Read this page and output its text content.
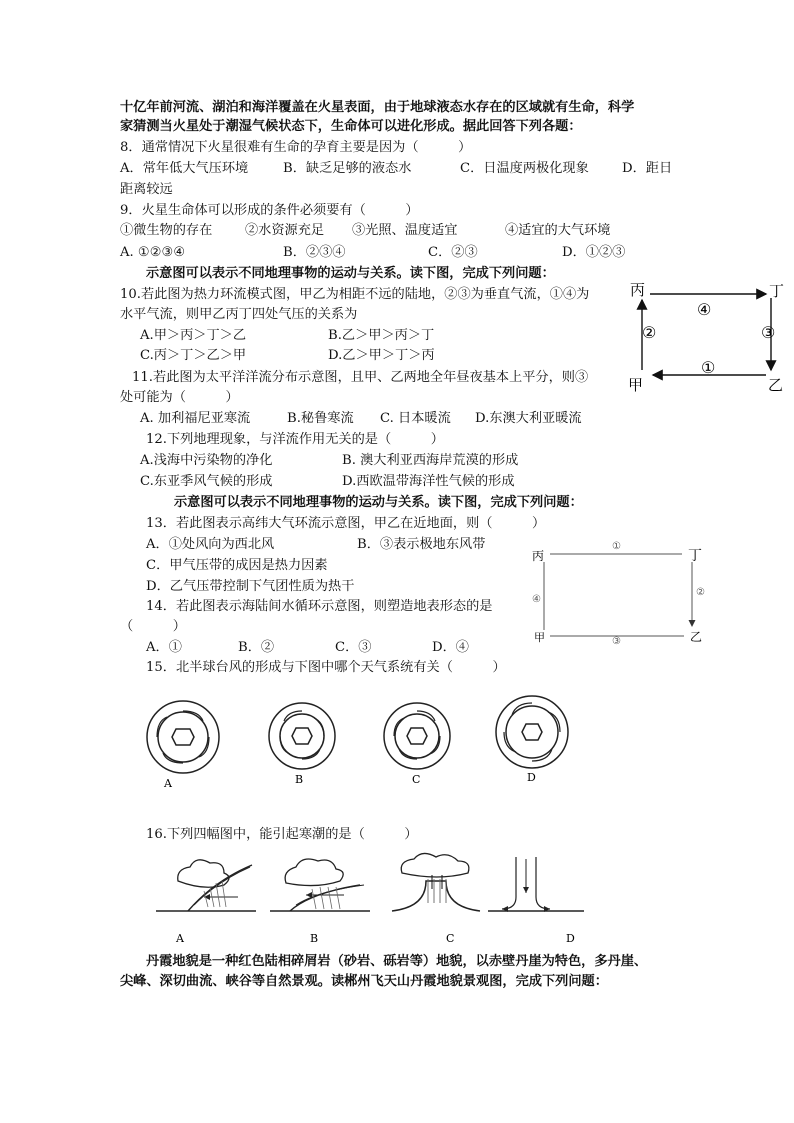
十亿年前河流、湖泊和海洋覆盖在火星表面，由于地球液态水存在的区域就有生命，科学
家猜测当火星处于潮湿气候状态下，生命体可以进化形成。据此回答下列各题：
8．通常情况下火星很难有生命的孕育主要是因为（　　　）
A．常年低大气压环境	B．缺乏足够的液态水	C．日温度两极化现象	D．距日
距离较远
9．火星生命体可以形成的条件必须要有（　　　）
①微生物的存在 ②水资源充足 ③光照、温度适宜	④适宜的大气环境
A. ①②③④	B．②③④	C．②③	D．①②③
示意图可以表示不同地理事物的运动与关系。读下图，完成下列问题：
10.若此图为热力环流模式图，甲乙为相距不远的陆地，②③为垂直气流，①④为
水平气流，则甲乙丙丁四处气压的关系为
A.甲＞丙＞丁＞乙	B.乙＞甲＞丙＞丁
C.丙＞丁＞乙＞甲	D.乙＞甲＞丁＞丙
11.若此图为太平洋洋流分布示意图，且甲、乙两地全年昼夜基本上平分，则③
处可能为（　　　）
A. 加利福尼亚寒流	B.秘鲁寒流 C. 日本暖流 D.东澳大利亚暖流
12.下列地理现象，与洋流作用无关的是（　　　）
A.浅海中污染物的净化	B. 澳大利亚西海岸荒漠的形成
C.东亚季风气候的形成	D.西欧温带海洋性气候的形成
丙	丁
甲	乙
④
③
②
①
示意图可以表示不同地理事物的运动与关系。读下图，完成下列问题：
13．若此图表示高纬大气环流示意图，甲乙在近地面，则（　　　）
A．①处风向为西北风	B．③表示极地东风带
C．甲气压带的成因是热力因素
D．乙气压带控制下气团性质为热干
14．若此图表示海陆间水循环示意图，则塑造地表形态的是
（　　　）
A．①	B．②	C．③	D．④
丙	丁
甲	乙
①
②
③
④
15．北半球台风的形成与下图中哪个天气系统有关（　　　）
A	B	C	D
16.下列四幅图中，能引起寒潮的是（　　　）
A	B	C	D
丹霞地貌是一种红色陆相碎屑岩（砂岩、砾岩等）地貌，以赤壁丹崖为特色，多丹崖、
尖峰、深切曲流、峡谷等自然景观。读郴州飞天山丹霞地貌景观图，完成下列问题：
